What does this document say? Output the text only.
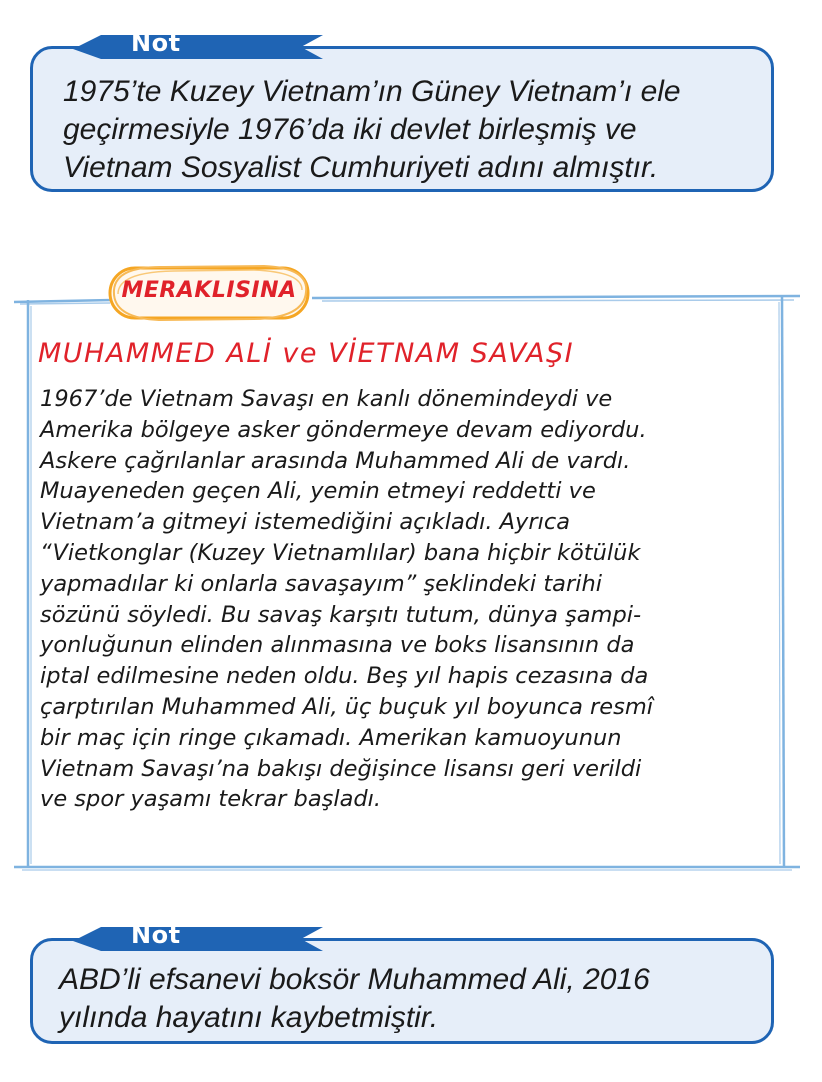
Not
1975’te Kuzey Vietnam’ın Güney Vietnam’ı ele
geçirmesiyle 1976’da iki devlet birleşmiş ve
Vietnam Sosyalist Cumhuriyeti adını almıştır.
MERAKLISINA
MUHAMMED ALİ ve VİETNAM SAVAŞI
1967’de Vietnam Savaşı en kanlı dönemindeydi ve
Amerika bölgeye asker göndermeye devam ediyordu.
Askere çağrılanlar arasında Muhammed Ali de vardı.
Muayeneden geçen Ali, yemin etmeyi reddetti ve
Vietnam’a gitmeyi istemediğini açıkladı. Ayrıca
“Vietkonglar (Kuzey Vietnamlılar) bana hiçbir kötülük
yapmadılar ki onlarla savaşayım” şeklindeki tarihi
sözünü söyledi. Bu savaş karşıtı tutum, dünya şampi-
yonluğunun elinden alınmasına ve boks lisansının da
iptal edilmesine neden oldu. Beş yıl hapis cezasına da
çarptırılan Muhammed Ali, üç buçuk yıl boyunca resmî
bir maç için ringe çıkamadı. Amerikan kamuoyunun
Vietnam Savaşı’na bakışı değişince lisansı geri verildi
ve spor yaşamı tekrar başladı.
Not
ABD’li efsanevi boksör Muhammed Ali, 2016
yılında hayatını kaybetmiştir.
